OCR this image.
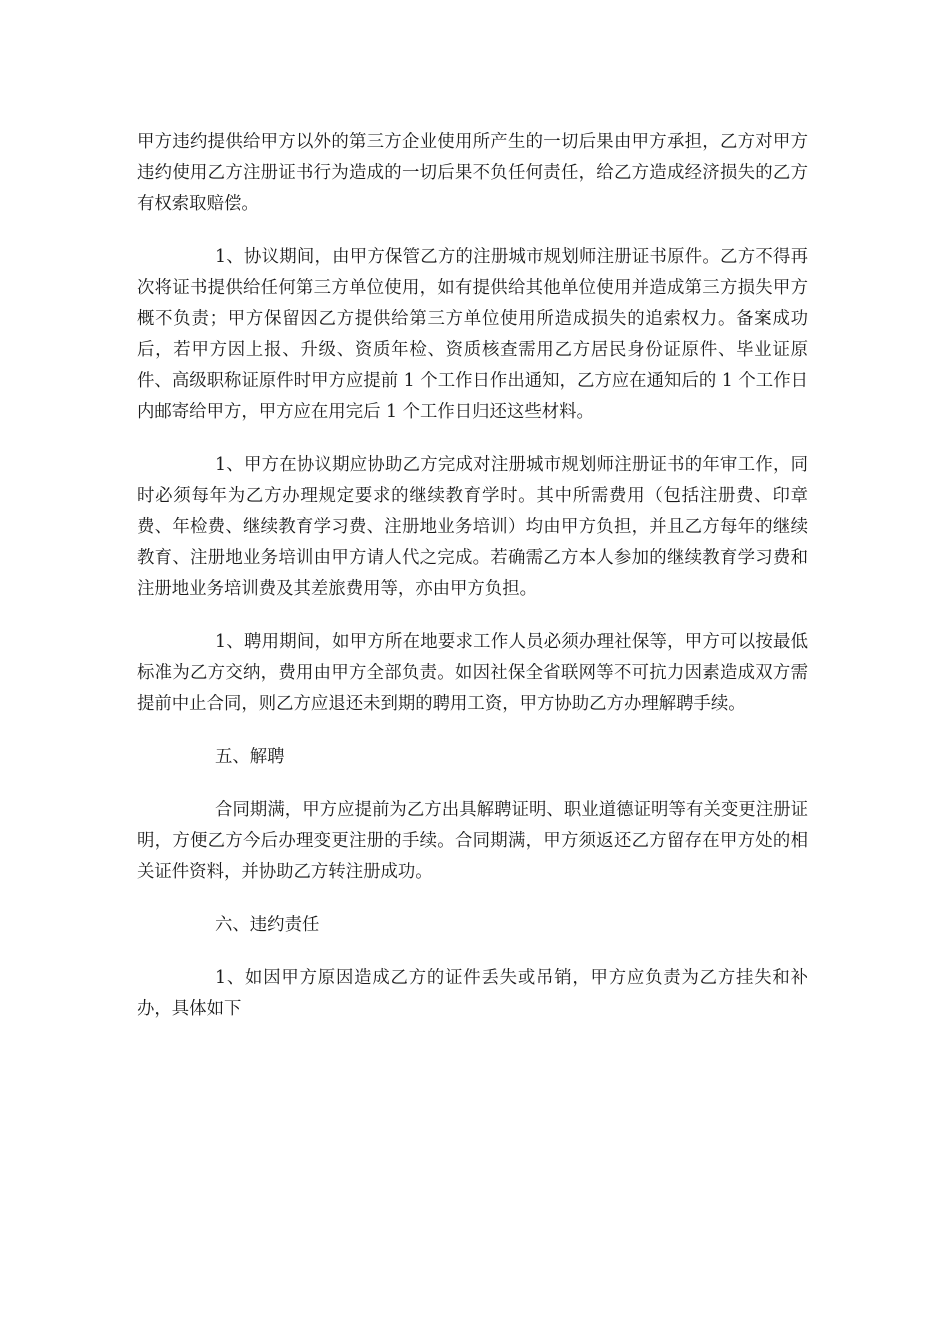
甲方违约提供给甲方以外的第三方企业使用所产生的一切后果由甲方承担，乙方对甲方违约使用乙方注册证书行为造成的一切后果不负任何责任，给乙方造成经济损失的乙方有权索取赔偿。

1、协议期间，由甲方保管乙方的注册城市规划师注册证书原件。乙方不得再次将证书提供给任何第三方单位使用，如有提供给其他单位使用并造成第三方损失甲方概不负责；甲方保留因乙方提供给第三方单位使用所造成损失的追索权力。备案成功后，若甲方因上报、升级、资质年检、资质核查需用乙方居民身份证原件、毕业证原件、高级职称证原件时甲方应提前 1 个工作日作出通知，乙方应在通知后的 1 个工作日内邮寄给甲方，甲方应在用完后 1 个工作日归还这些材料。

1、甲方在协议期应协助乙方完成对注册城市规划师注册证书的年审工作，同时必须每年为乙方办理规定要求的继续教育学时。其中所需费用（包括注册费、印章费、年检费、继续教育学习费、注册地业务培训）均由甲方负担，并且乙方每年的继续教育、注册地业务培训由甲方请人代之完成。若确需乙方本人参加的继续教育学习费和注册地业务培训费及其差旅费用等，亦由甲方负担。

1、聘用期间，如甲方所在地要求工作人员必须办理社保等，甲方可以按最低标准为乙方交纳，费用由甲方全部负责。如因社保全省联网等不可抗力因素造成双方需提前中止合同，则乙方应退还未到期的聘用工资，甲方协助乙方办理解聘手续。

五、解聘

合同期满，甲方应提前为乙方出具解聘证明、职业道德证明等有关变更注册证明，方便乙方今后办理变更注册的手续。合同期满，甲方须返还乙方留存在甲方处的相关证件资料，并协助乙方转注册成功。

六、违约责任

1、如因甲方原因造成乙方的证件丢失或吊销，甲方应负责为乙方挂失和补办，具体如下
